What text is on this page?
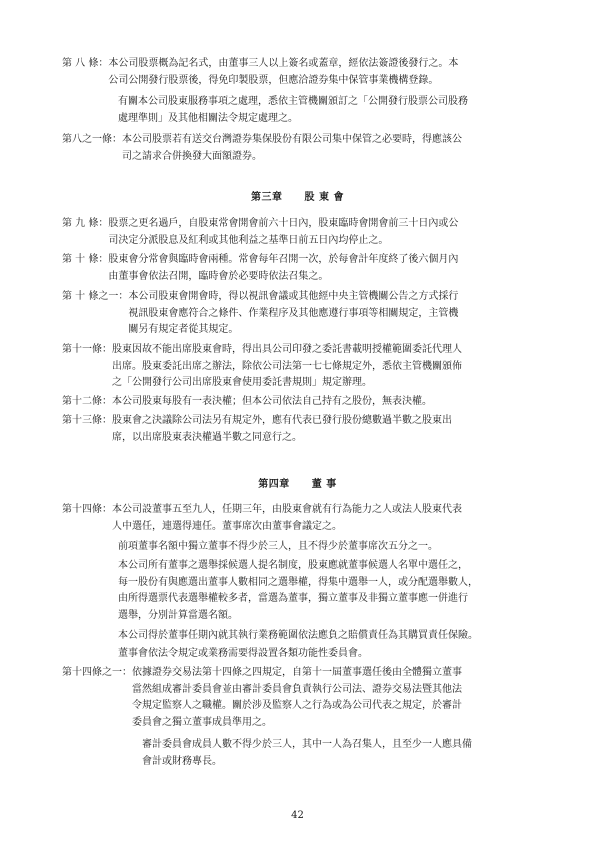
第 八 條： 本公司股票概為記名式，由董事三人以上簽名或蓋章，經依法簽證後發行之。本
公司公開發行股票後，得免印製股票，但應洽證券集中保管事業機構登錄。
有關本公司股東服務事項之處理，悉依主管機關頒訂之「公開發行股票公司股務
處理準則」及其他相關法令規定處理之。
第八之一條： 本公司股票若有送交台灣證券集保股份有限公司集中保管之必要時，得應該公
司之請求合併換發大面額證券。
第三章 股 東 會
第 九 條： 股票之更名過戶，自股東常會開會前六十日內，股東臨時會開會前三十日內或公
司決定分派股息及紅利或其他利益之基準日前五日內均停止之。
第 十 條： 股東會分常會與臨時會兩種。常會每年召開一次，於每會計年度終了後六個月內
由董事會依法召開，臨時會於必要時依法召集之。
第 十 條之一： 本公司股東會開會時，得以視訊會議或其他經中央主管機關公告之方式採行
視訊股東會應符合之條件、作業程序及其他應遵行事項等相關規定，主管機
關另有規定者從其規定。
第十一條： 股東因故不能出席股東會時，得出具公司印發之委託書載明授權範圍委託代理人
出席。股東委託出席之辦法，除依公司法第一七七條規定外，悉依主管機關頒佈
之「公開發行公司出席股東會使用委託書規則」規定辦理。
第十二條： 本公司股東每股有一表決權；但本公司依法自己持有之股份，無表決權。
第十三條： 股東會之決議除公司法另有規定外，應有代表已發行股份總數過半數之股東出
席，以出席股東表決權過半數之同意行之。
第四章 董 事
第十四條： 本公司設董事五至九人，任期三年，由股東會就有行為能力之人或法人股東代表
人中選任，連選得連任。董事席次由董事會議定之。
前項董事名額中獨立董事不得少於三人，且不得少於董事席次五分之一。
本公司所有董事之選舉採候選人提名制度，股東應就董事候選人名單中選任之，
每一股份有與應選出董事人數相同之選舉權，得集中選舉一人，或分配選舉數人，
由所得選票代表選舉權較多者，當選為董事，獨立董事及非獨立董事應一併進行
選舉，分別計算當選名額。
本公司得於董事任期內就其執行業務範圍依法應負之賠償責任為其購買責任保險。
董事會依法令規定或業務需要得設置各類功能性委員會。
第十四條之一： 依據證券交易法第十四條之四規定，自第十一屆董事選任後由全體獨立董事
當然組成審計委員會並由審計委員會負責執行公司法、證券交易法暨其他法
令規定監察人之職權。關於涉及監察人之行為或為公司代表之規定，於審計
委員會之獨立董事成員準用之。
審計委員會成員人數不得少於三人，其中一人為召集人，且至少一人應具備
會計或財務專長。
42
